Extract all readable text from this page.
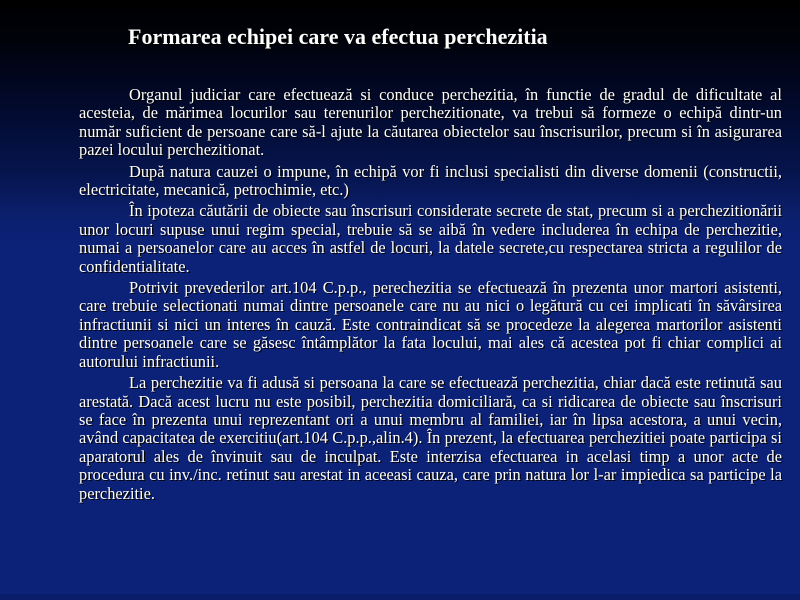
Formarea echipei care va efectua perchezitia

Organul judiciar care efectuează si conduce perchezitia, în functie de gradul de dificultate al acesteia, de mărimea locurilor sau terenurilor perchezitionate, va trebui să formeze o echipă dintr-un număr suficient de persoane care să-l ajute la căutarea obiectelor sau înscrisurilor, precum si în asigurarea pazei locului perchezitionat.

După natura cauzei o impune, în echipă vor fi inclusi specialisti din diverse domenii (constructii, electricitate, mecanică, petrochimie, etc.)

În ipoteza căutării de obiecte sau înscrisuri considerate secrete de stat, precum si a perchezitionării unor locuri supuse unui regim special, trebuie să se aibă în vedere includerea în echipa de perchezitie, numai a persoanelor care au acces în astfel de locuri, la datele secrete,cu respectarea stricta a regulilor de confidentialitate.

Potrivit prevederilor art.104 C.p.p., perechezitia se efectuează în prezenta unor martori asistenti, care trebuie selectionati numai dintre persoanele care nu au nici o legătură cu cei implicati în săvârsirea infractiunii si nici un interes în cauză. Este contraindicat să se procedeze la alegerea martorilor asistenti dintre persoanele care se găsesc întâmplător la fata locului, mai ales că acestea pot fi chiar complici ai autorului infractiunii.

La perchezitie va fi adusă si persoana la care se efectuează perchezitia, chiar dacă este retinută sau arestată. Dacă acest lucru nu este posibil, perchezitia domiciliară, ca si ridicarea de obiecte sau înscrisuri se face în prezenta unui reprezentant ori a unui membru al familiei, iar în lipsa acestora, a unui vecin, având capacitatea de exercitiu(art.104 C.p.p.,alin.4). În prezent, la efectuarea perchezitiei poate participa si aparatorul ales de învinuit sau de inculpat. Este interzisa efectuarea in acelasi timp a unor acte de procedura cu inv./inc. retinut sau arestat in aceeasi cauza, care prin natura lor l-ar impiedica sa participe la perchezitie.
